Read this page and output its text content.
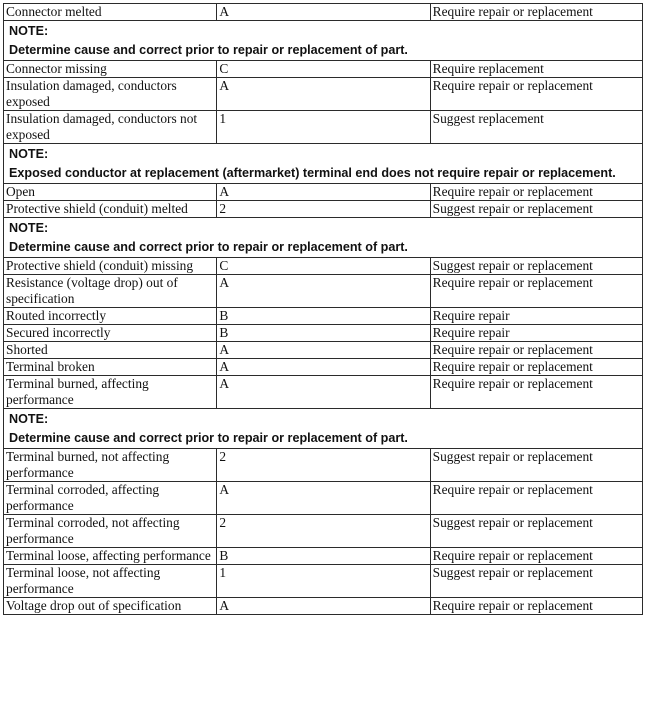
Connector melted	A	Require repair or replacement

NOTE:
Determine cause and correct prior to repair or replacement of part.		

Connector missing	C	Require replacement
Insulation damaged, conductors exposed	A	Require repair or replacement
Insulation damaged, conductors not exposed	1	Suggest replacement

NOTE:
Exposed conductor at replacement (aftermarket) terminal end does not require repair or replacement.		

Open	A	Require repair or replacement
Protective shield (conduit) melted	2	Suggest repair or replacement

NOTE:
Determine cause and correct prior to repair or replacement of part.		

Protective shield (conduit) missing	C	Suggest repair or replacement
Resistance (voltage drop) out of specification	A	Require repair or replacement
Routed incorrectly	B	Require repair
Secured incorrectly	B	Require repair
Shorted	A	Require repair or replacement
Terminal broken	A	Require repair or replacement
Terminal burned, affecting performance	A	Require repair or replacement

NOTE:
Determine cause and correct prior to repair or replacement of part.		

Terminal burned, not affecting performance	2	Suggest repair or replacement
Terminal corroded, affecting performance	A	Require repair or replacement
Terminal corroded, not affecting performance	2	Suggest repair or replacement
Terminal loose, affecting performance	B	Require repair or replacement
Terminal loose, not affecting performance	1	Suggest repair or replacement
Voltage drop out of specification	A	Require repair or replacement
